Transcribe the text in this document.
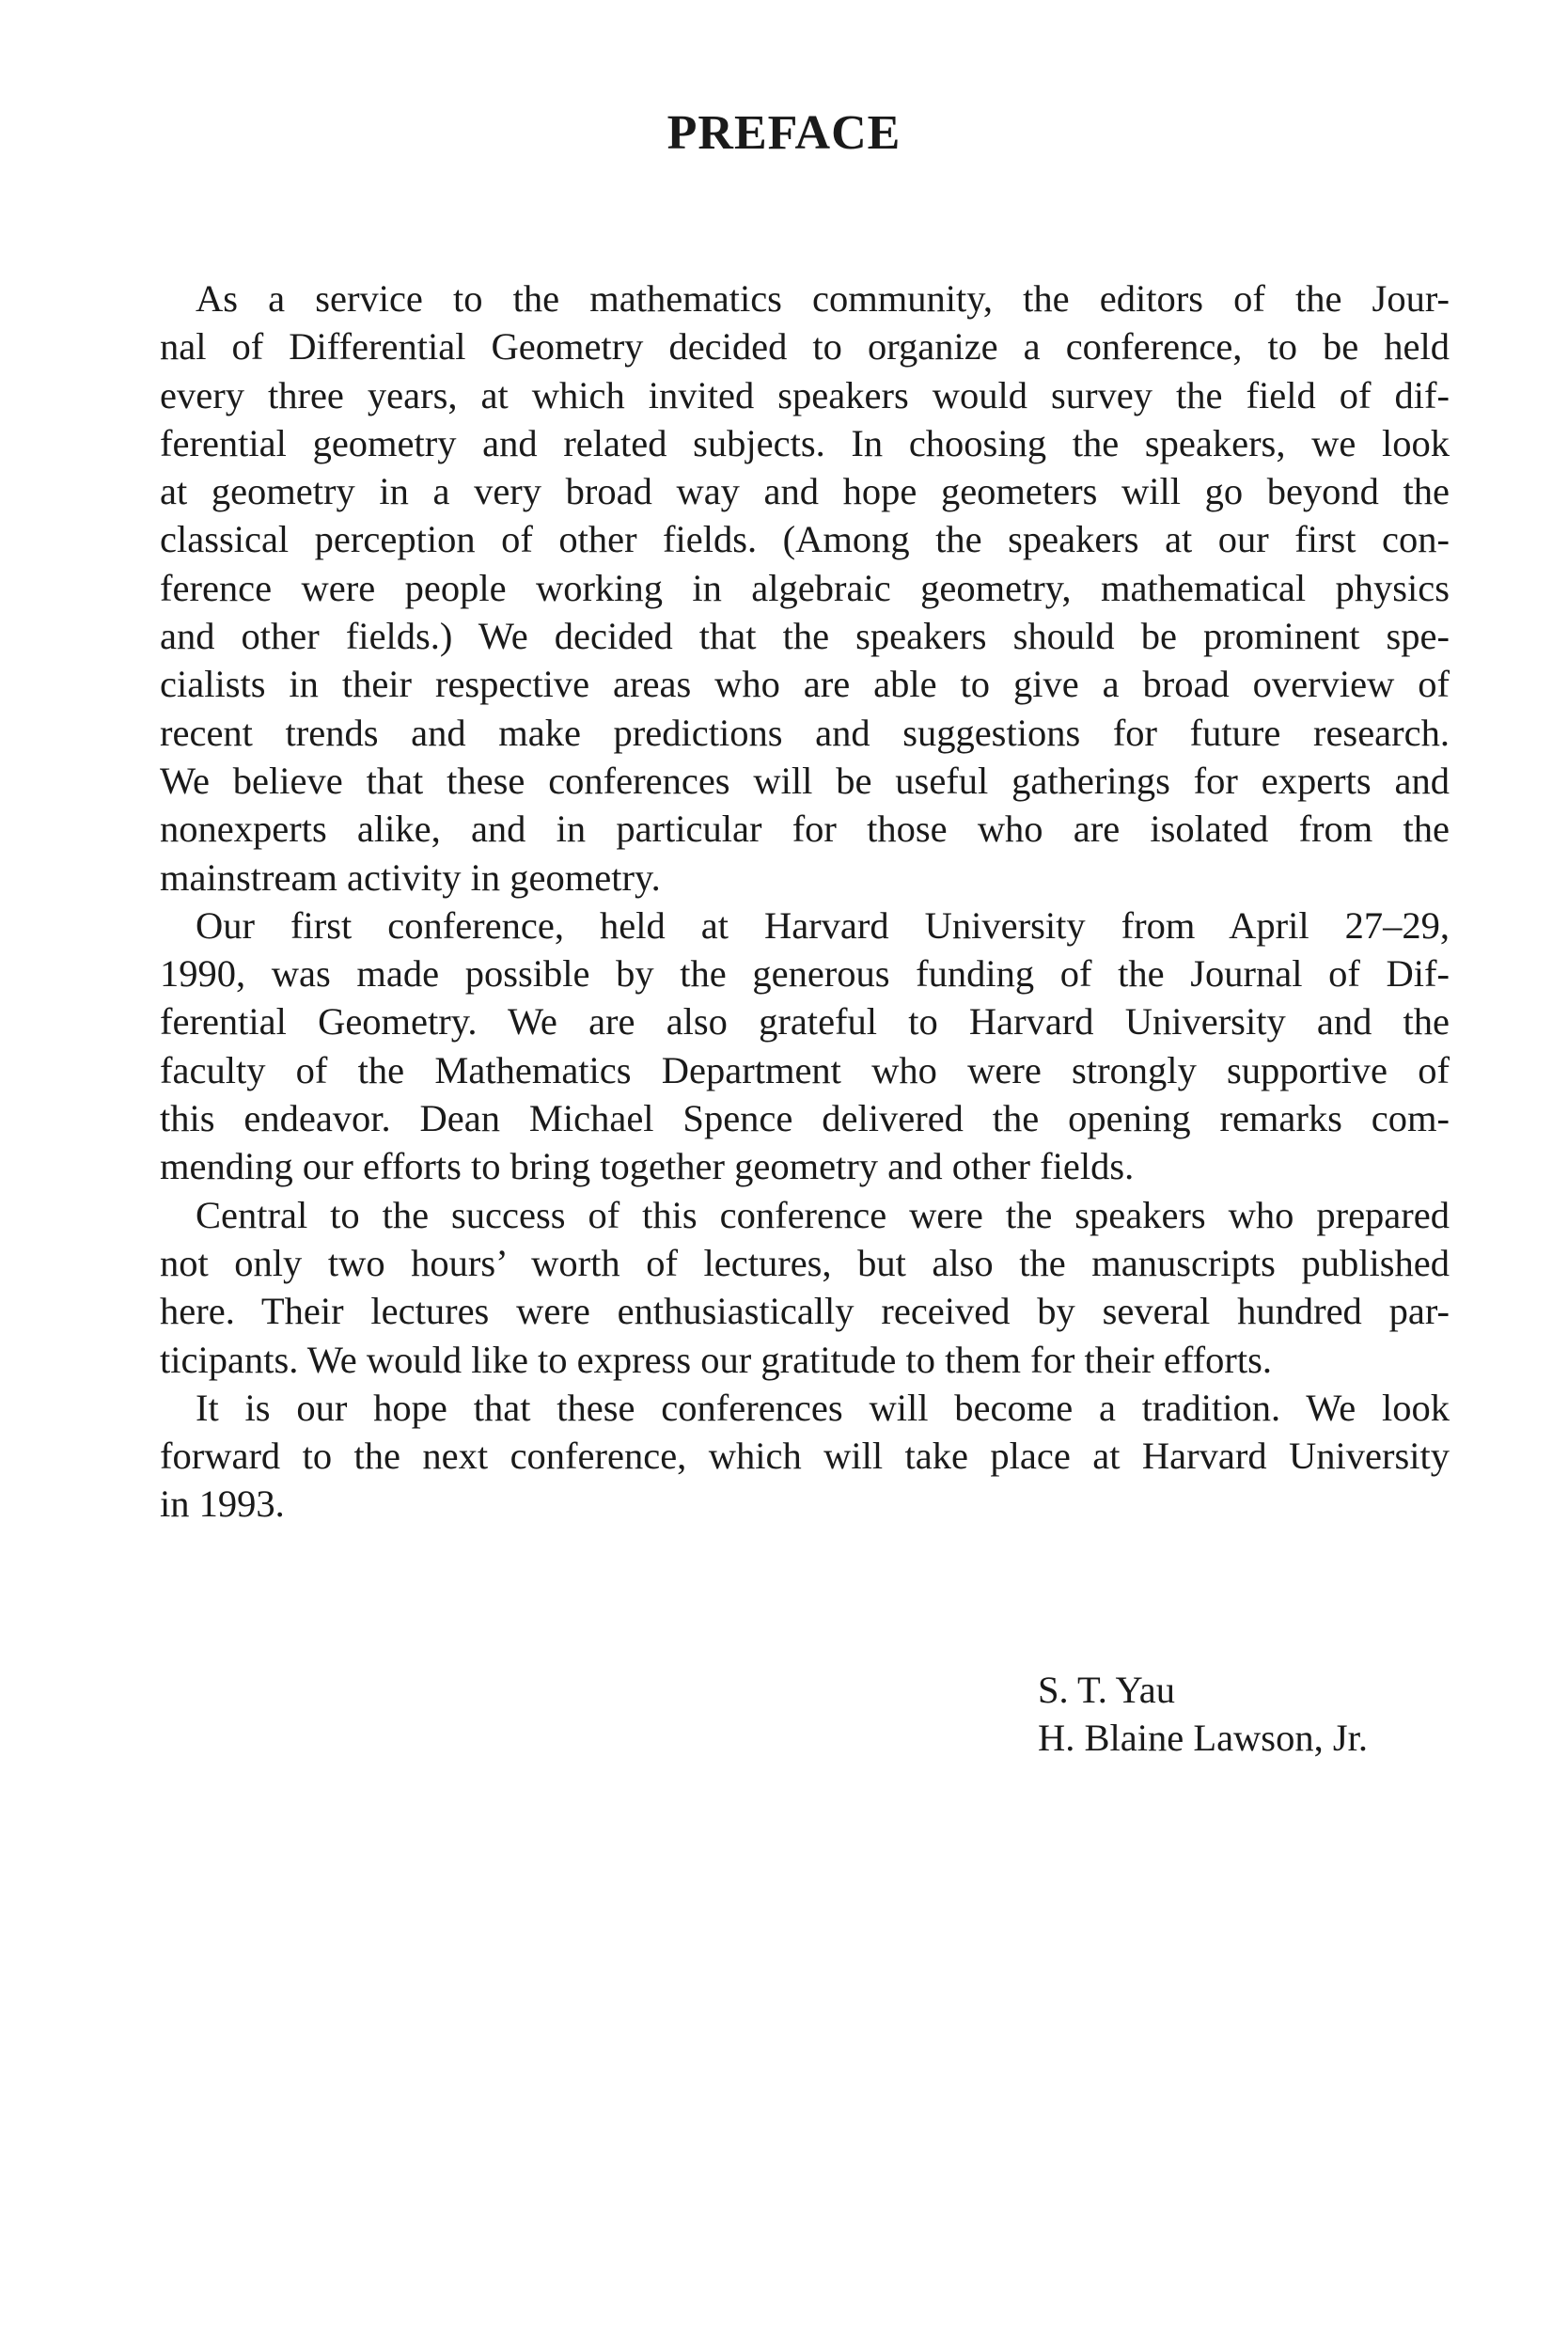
PREFACE
As a service to the mathematics community, the editors of the Jour-
nal of Differential Geometry decided to organize a conference, to be held
every three years, at which invited speakers would survey the field of dif-
ferential geometry and related subjects. In choosing the speakers, we look
at geometry in a very broad way and hope geometers will go beyond the
classical perception of other fields. (Among the speakers at our first con-
ference were people working in algebraic geometry, mathematical physics
and other fields.) We decided that the speakers should be prominent spe-
cialists in their respective areas who are able to give a broad overview of
recent trends and make predictions and suggestions for future research.
We believe that these conferences will be useful gatherings for experts and
nonexperts alike, and in particular for those who are isolated from the
mainstream activity in geometry.
Our first conference, held at Harvard University from April 27–29,
1990, was made possible by the generous funding of the Journal of Dif-
ferential Geometry. We are also grateful to Harvard University and the
faculty of the Mathematics Department who were strongly supportive of
this endeavor. Dean Michael Spence delivered the opening remarks com-
mending our efforts to bring together geometry and other fields.
Central to the success of this conference were the speakers who prepared
not only two hours’ worth of lectures, but also the manuscripts published
here. Their lectures were enthusiastically received by several hundred par-
ticipants. We would like to express our gratitude to them for their efforts.
It is our hope that these conferences will become a tradition. We look
forward to the next conference, which will take place at Harvard University
in 1993.
S. T. Yau
H. Blaine Lawson, Jr.
